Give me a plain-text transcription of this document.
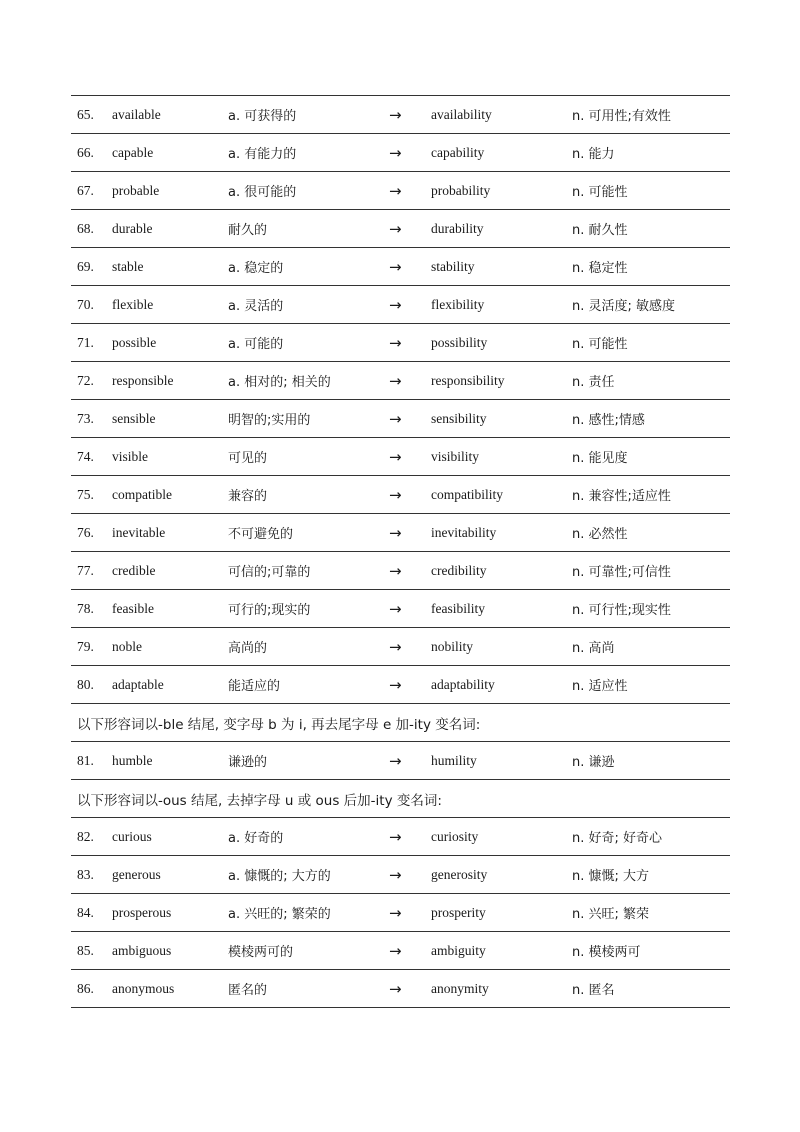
65. available	a. 可获得的	→ availability	n. 可用性;有效性
66. capable	a. 有能力的	→ capability	n. 能力
67. probable	a. 很可能的	→ probability	n. 可能性
68. durable	耐久的	→ durability	n. 耐久性
69. stable	a. 稳定的	→ stability	n. 稳定性
70. flexible	a. 灵活的	→ flexibility	n. 灵活度; 敏感度
71. possible	a. 可能的	→ possibility	n. 可能性
72. responsible	a. 相对的; 相关的	→ responsibility	n. 责任
73. sensible	明智的;实用的	→ sensibility	n. 感性;情感
74. visible	可见的	→ visibility	n. 能见度
75. compatible	兼容的	→ compatibility	n. 兼容性;适应性
76. inevitable	不可避免的	→ inevitability	n. 必然性
77. credible	可信的;可靠的	→ credibility	n. 可靠性;可信性
78. feasible	可行的;现实的	→ feasibility	n. 可行性;现实性
79. noble	高尚的	→ nobility	n. 高尚
80. adaptable	能适应的	→ adaptability	n. 适应性
以下形容词以-ble 结尾, 变字母 b 为 i, 再去尾字母 e 加-ity 变名词:
81. humble	谦逊的	→ humility	n. 谦逊
以下形容词以-ous 结尾, 去掉字母 u 或 ous 后加-ity 变名词:
82. curious	a. 好奇的	→ curiosity	n. 好奇; 好奇心
83. generous	a. 慷慨的; 大方的	→ generosity	n. 慷慨; 大方
84. prosperous	a. 兴旺的; 繁荣的	→ prosperity	n. 兴旺; 繁荣
85. ambiguous	模棱两可的	→ ambiguity	n. 模棱两可
86. anonymous	匿名的	→ anonymity	n. 匿名
